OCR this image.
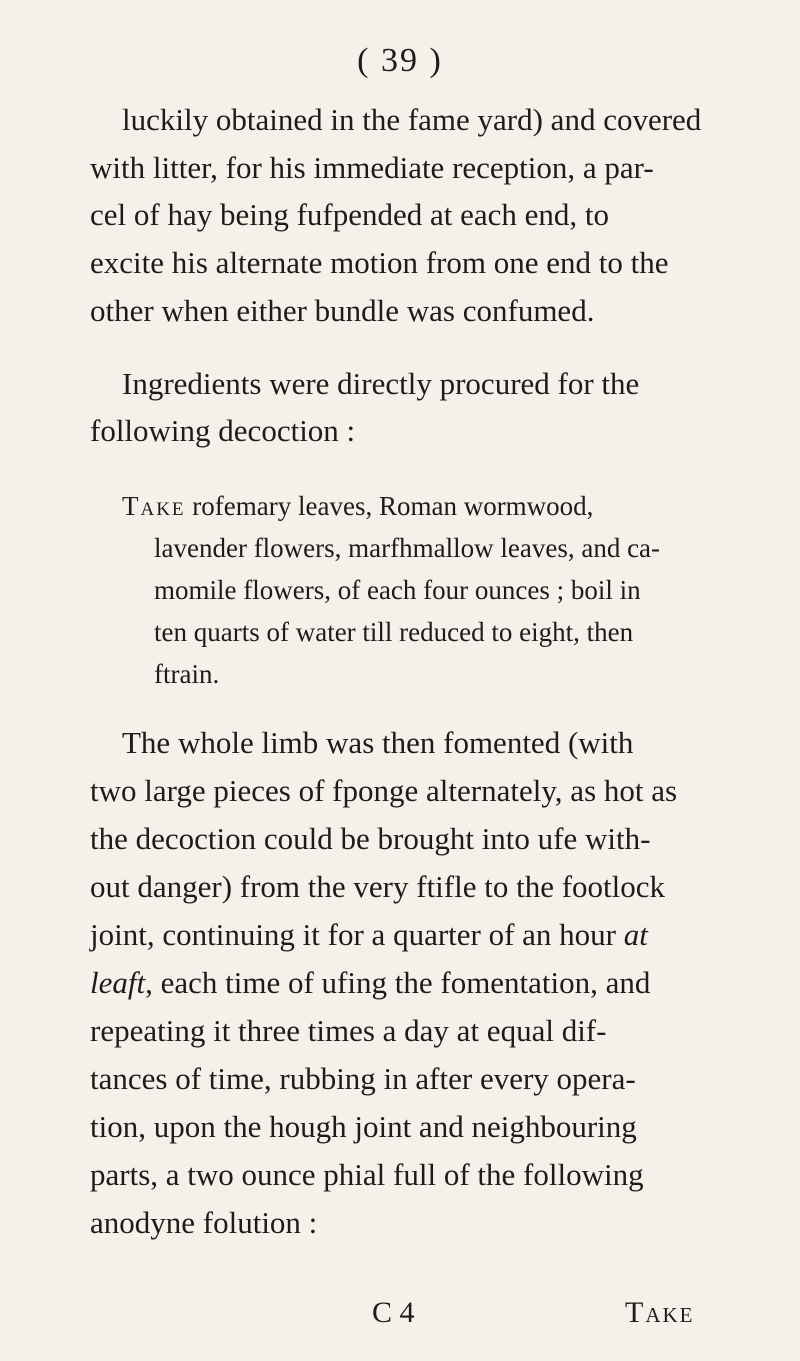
( 39 )
luckily obtained in the fame yard) and covered
with litter, for his immediate reception, a par-
cel of hay being fufpended at each end, to
excite his alternate motion from one end to the
other when either bundle was confumed.
Ingredients were directly procured for the
following decoction :
Take rofemary leaves, Roman wormwood,
lavender flowers, marfhmallow leaves, and ca-
momile flowers, of each four ounces ; boil in
ten quarts of water till reduced to eight, then
ftrain.
The whole limb was then fomented (with
two large pieces of fponge alternately, as hot as
the decoction could be brought into ufe with-
out danger) from the very ftifle to the footlock
joint, continuing it for a quarter of an hour at
leaft, each time of ufing the fomentation, and
repeating it three times a day at equal dif-
tances of time, rubbing in after every opera-
tion, upon the hough joint and neighbouring
parts, a two ounce phial full of the following
anodyne folution :
C 4	Take
